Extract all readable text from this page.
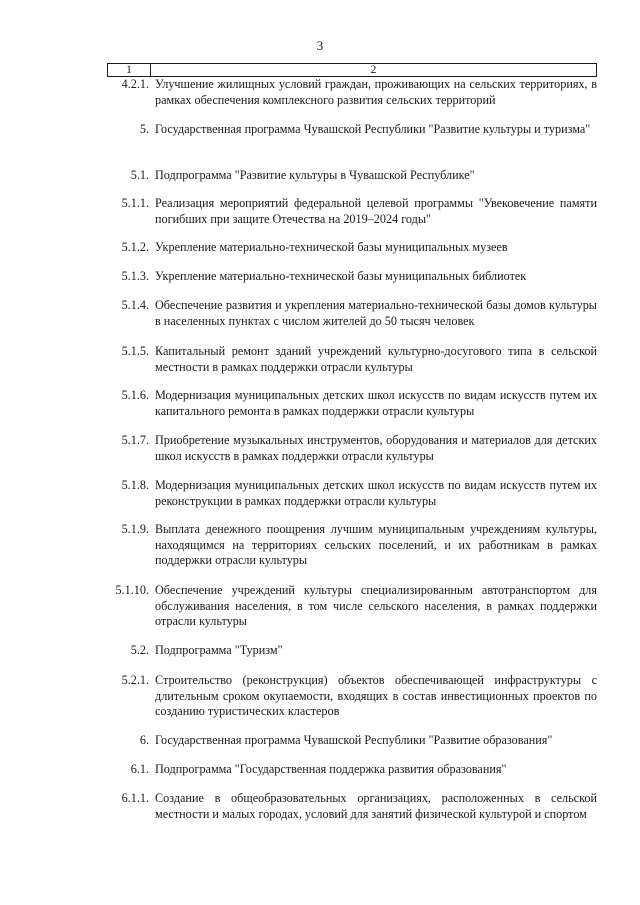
3
1	2
4.2.1. Улучшение жилищных условий граждан, проживающих на сельских территориях, в рамках обеспечения комплексного развития сельских территорий
5. Государственная программа Чувашской Республики "Развитие культуры и туризма"
5.1. Подпрограмма "Развитие культуры в Чувашской Республике"
5.1.1. Реализация мероприятий федеральной целевой программы "Увековечение памяти погибших при защите Отечества на 2019–2024 годы"
5.1.2. Укрепление материально-технической базы муниципальных музеев
5.1.3. Укрепление материально-технической базы муниципальных библиотек
5.1.4. Обеспечение развития и укрепления материально-технической базы домов культуры в населенных пунктах с числом жителей до 50 тысяч человек
5.1.5. Капитальный ремонт зданий учреждений культурно-досугового типа в сельской местности в рамках поддержки отрасли культуры
5.1.6. Модернизация муниципальных детских школ искусств по видам искусств путем их капитального ремонта в рамках поддержки отрасли культуры
5.1.7. Приобретение музыкальных инструментов, оборудования и материалов для детских школ искусств в рамках поддержки отрасли культуры
5.1.8. Модернизация муниципальных детских школ искусств по видам искусств путем их реконструкции в рамках поддержки отрасли культуры
5.1.9. Выплата денежного поощрения лучшим муниципальным учреждениям культуры, находящимся на территориях сельских поселений, и их работникам в рамках поддержки отрасли культуры
5.1.10. Обеспечение учреждений культуры специализированным автотранспортом для обслуживания населения, в том числе сельского населения, в рамках поддержки отрасли культуры
5.2. Подпрограмма "Туризм"
5.2.1. Строительство (реконструкция) объектов обеспечивающей инфраструктуры с длительным сроком окупаемости, входящих в состав инвестиционных проектов по созданию туристических кластеров
6. Государственная программа Чувашской Республики "Развитие образования"
6.1. Подпрограмма "Государственная поддержка развития образования"
6.1.1. Создание в общеобразовательных организациях, расположенных в сельской местности и малых городах, условий для занятий физической культурой и спортом
